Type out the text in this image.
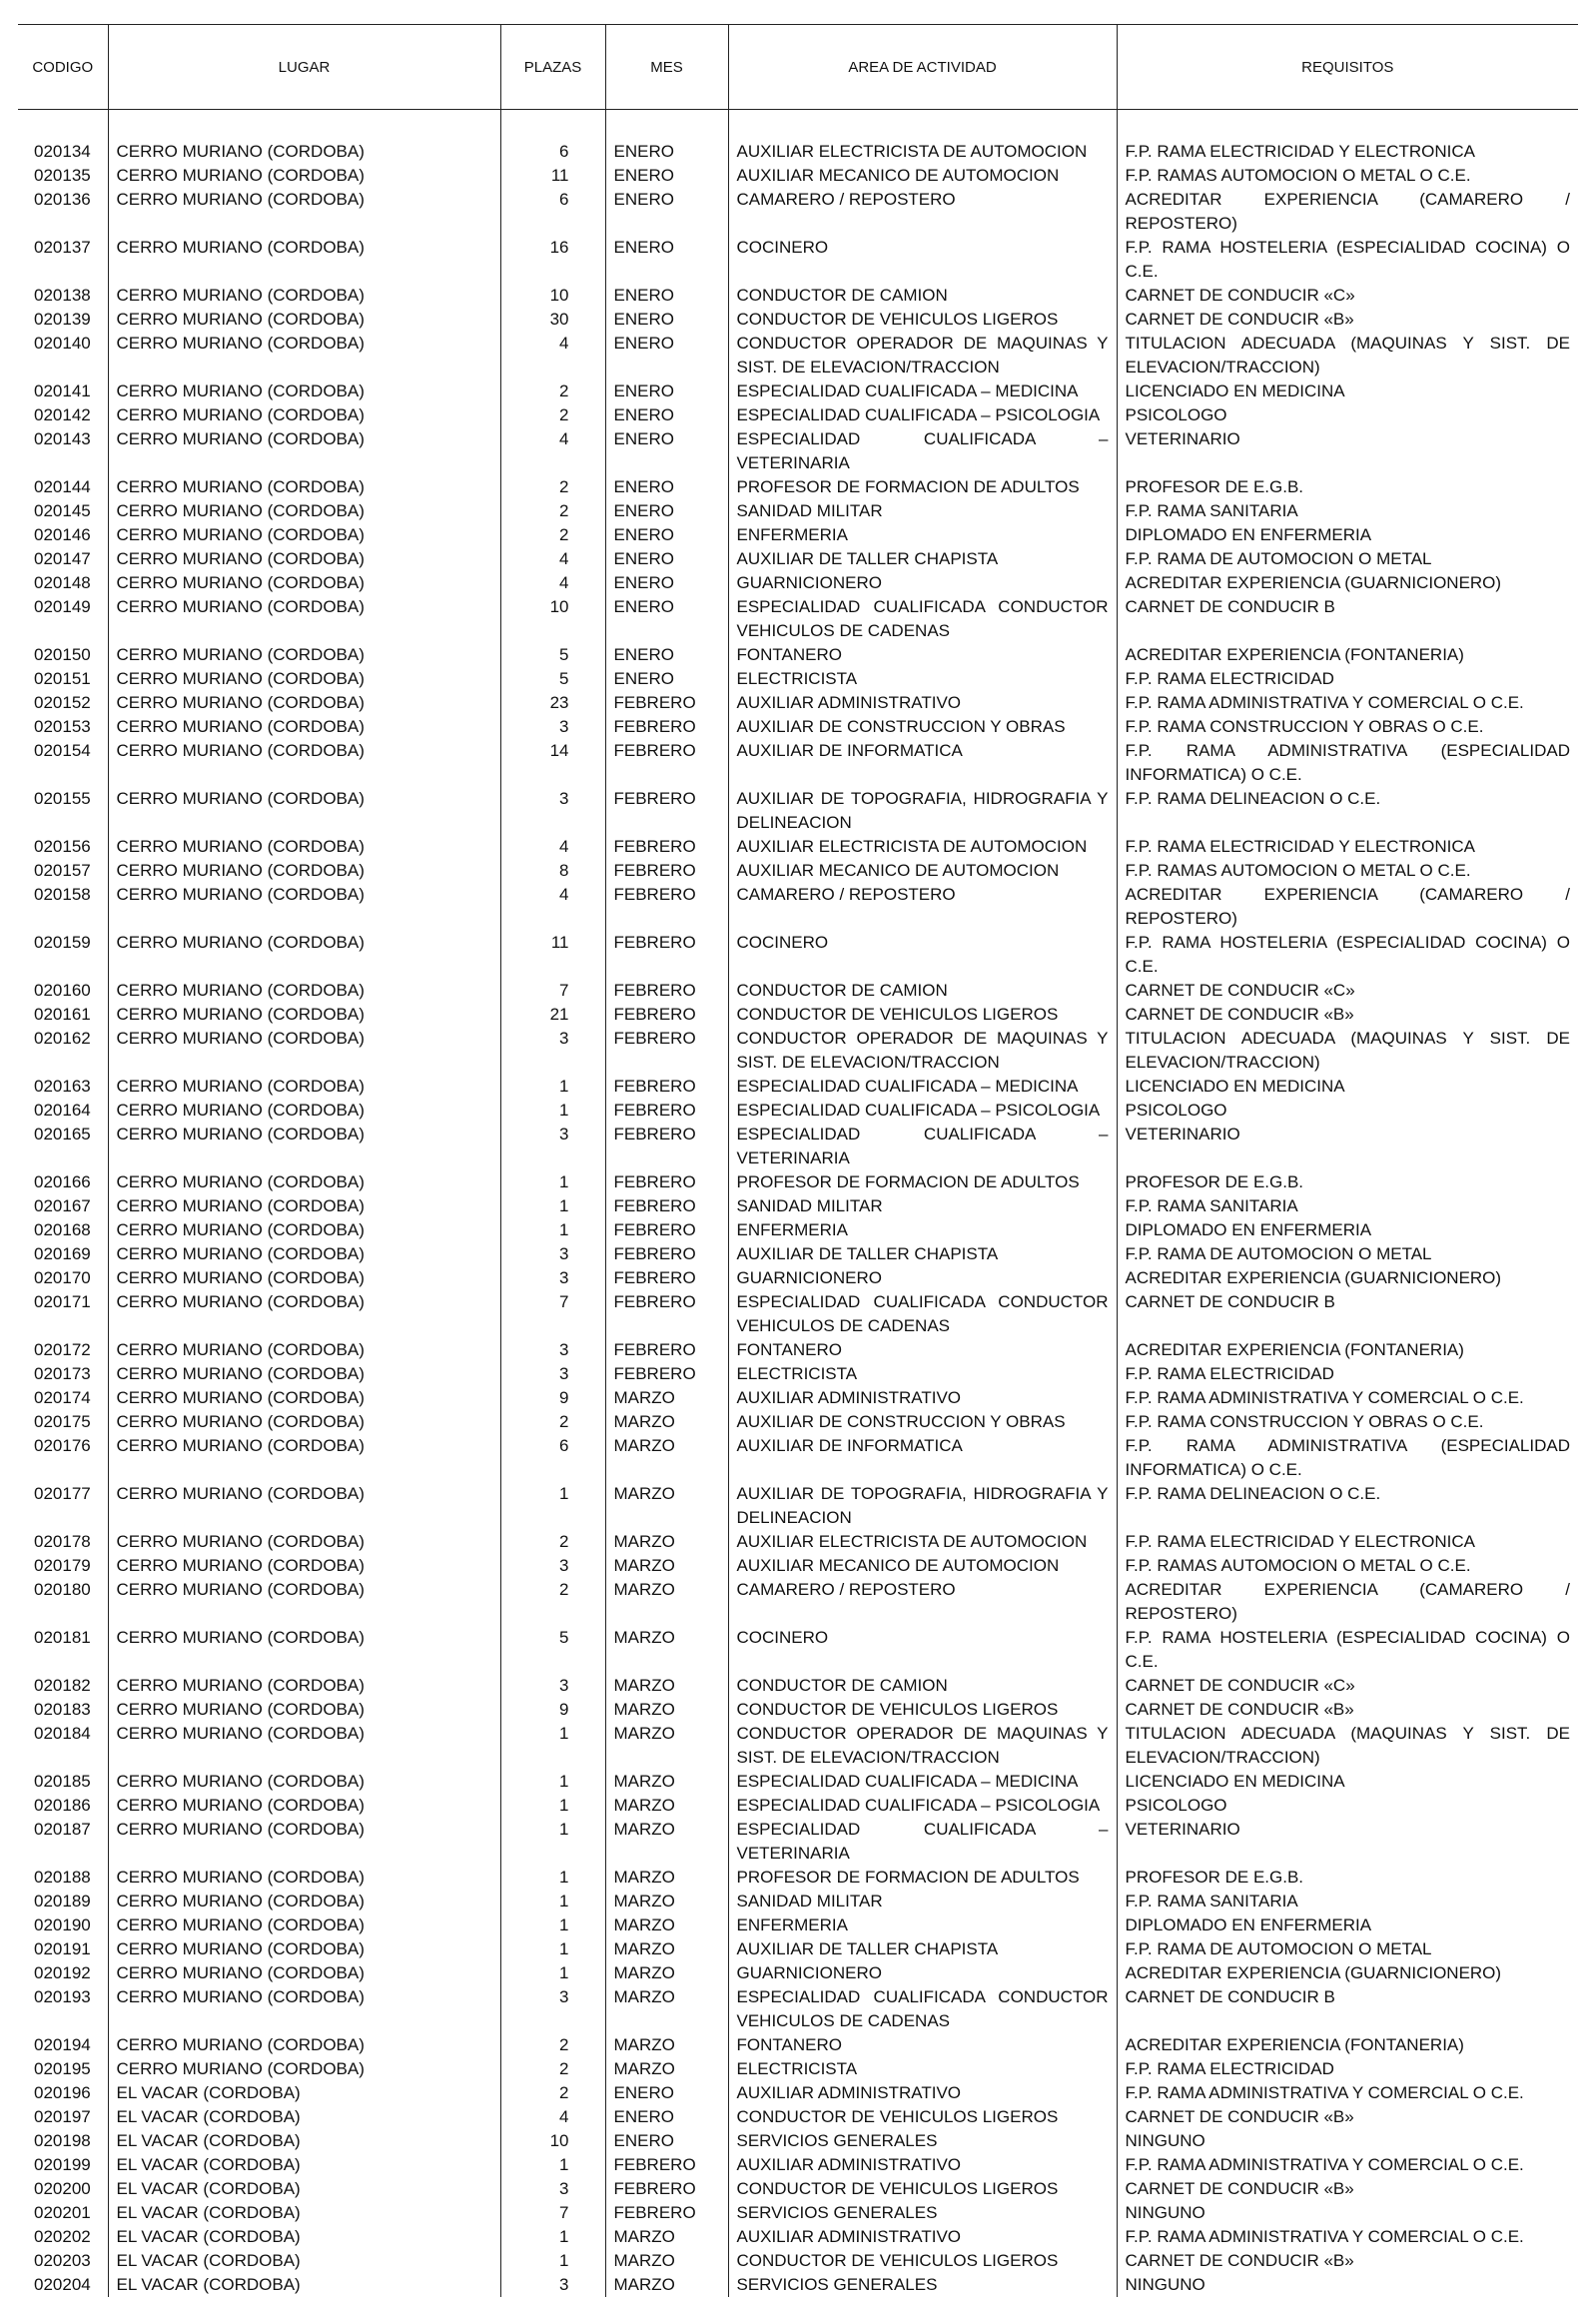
CODIGO	LUGAR	PLAZAS	MES	AREA DE ACTIVIDAD	REQUISITOS

020134	CERRO MURIANO (CORDOBA)	6	ENERO	AUXILIAR ELECTRICISTA DE AUTOMOCION	F.P. RAMA ELECTRICIDAD Y ELECTRONICA
020135	CERRO MURIANO (CORDOBA)	11	ENERO	AUXILIAR MECANICO DE AUTOMOCION	F.P. RAMAS AUTOMOCION O METAL O C.E.
020136	CERRO MURIANO (CORDOBA)	6	ENERO	CAMARERO / REPOSTERO	ACREDITAR EXPERIENCIA (CAMARERO / REPOSTERO)
020137	CERRO MURIANO (CORDOBA)	16	ENERO	COCINERO	F.P. RAMA HOSTELERIA (ESPECIALIDAD COCINA) O C.E.
020138	CERRO MURIANO (CORDOBA)	10	ENERO	CONDUCTOR DE CAMION	CARNET DE CONDUCIR «C»
020139	CERRO MURIANO (CORDOBA)	30	ENERO	CONDUCTOR DE VEHICULOS LIGEROS	CARNET DE CONDUCIR «B»
020140	CERRO MURIANO (CORDOBA)	4	ENERO	CONDUCTOR OPERADOR DE MAQUINAS Y SIST. DE ELEVACION/TRACCION	TITULACION ADECUADA (MAQUINAS Y SIST. DE ELEVACION/TRACCION)
020141	CERRO MURIANO (CORDOBA)	2	ENERO	ESPECIALIDAD CUALIFICADA – MEDICINA	LICENCIADO EN MEDICINA
020142	CERRO MURIANO (CORDOBA)	2	ENERO	ESPECIALIDAD CUALIFICADA – PSICOLOGIA	PSICOLOGO
020143	CERRO MURIANO (CORDOBA)	4	ENERO	ESPECIALIDAD CUALIFICADA – VETERINARIA	VETERINARIO
020144	CERRO MURIANO (CORDOBA)	2	ENERO	PROFESOR DE FORMACION DE ADULTOS	PROFESOR DE E.G.B.
020145	CERRO MURIANO (CORDOBA)	2	ENERO	SANIDAD MILITAR	F.P. RAMA SANITARIA
020146	CERRO MURIANO (CORDOBA)	2	ENERO	ENFERMERIA	DIPLOMADO EN ENFERMERIA
020147	CERRO MURIANO (CORDOBA)	4	ENERO	AUXILIAR DE TALLER CHAPISTA	F.P. RAMA DE AUTOMOCION O METAL
020148	CERRO MURIANO (CORDOBA)	4	ENERO	GUARNICIONERO	ACREDITAR EXPERIENCIA (GUARNICIONERO)
020149	CERRO MURIANO (CORDOBA)	10	ENERO	ESPECIALIDAD CUALIFICADA CONDUCTOR VEHICULOS DE CADENAS	CARNET DE CONDUCIR B
020150	CERRO MURIANO (CORDOBA)	5	ENERO	FONTANERO	ACREDITAR EXPERIENCIA (FONTANERIA)
020151	CERRO MURIANO (CORDOBA)	5	ENERO	ELECTRICISTA	F.P. RAMA ELECTRICIDAD
020152	CERRO MURIANO (CORDOBA)	23	FEBRERO	AUXILIAR ADMINISTRATIVO	F.P. RAMA ADMINISTRATIVA Y COMERCIAL O C.E.
020153	CERRO MURIANO (CORDOBA)	3	FEBRERO	AUXILIAR DE CONSTRUCCION Y OBRAS	F.P. RAMA CONSTRUCCION Y OBRAS O C.E.
020154	CERRO MURIANO (CORDOBA)	14	FEBRERO	AUXILIAR DE INFORMATICA	F.P. RAMA ADMINISTRATIVA (ESPECIALIDAD INFORMATICA) O C.E.
020155	CERRO MURIANO (CORDOBA)	3	FEBRERO	AUXILIAR DE TOPOGRAFIA, HIDROGRAFIA Y DELINEACION	F.P. RAMA DELINEACION O C.E.
020156	CERRO MURIANO (CORDOBA)	4	FEBRERO	AUXILIAR ELECTRICISTA DE AUTOMOCION	F.P. RAMA ELECTRICIDAD Y ELECTRONICA
020157	CERRO MURIANO (CORDOBA)	8	FEBRERO	AUXILIAR MECANICO DE AUTOMOCION	F.P. RAMAS AUTOMOCION O METAL O C.E.
020158	CERRO MURIANO (CORDOBA)	4	FEBRERO	CAMARERO / REPOSTERO	ACREDITAR EXPERIENCIA (CAMARERO / REPOSTERO)
020159	CERRO MURIANO (CORDOBA)	11	FEBRERO	COCINERO	F.P. RAMA HOSTELERIA (ESPECIALIDAD COCINA) O C.E.
020160	CERRO MURIANO (CORDOBA)	7	FEBRERO	CONDUCTOR DE CAMION	CARNET DE CONDUCIR «C»
020161	CERRO MURIANO (CORDOBA)	21	FEBRERO	CONDUCTOR DE VEHICULOS LIGEROS	CARNET DE CONDUCIR «B»
020162	CERRO MURIANO (CORDOBA)	3	FEBRERO	CONDUCTOR OPERADOR DE MAQUINAS Y SIST. DE ELEVACION/TRACCION	TITULACION ADECUADA (MAQUINAS Y SIST. DE ELEVACION/TRACCION)
020163	CERRO MURIANO (CORDOBA)	1	FEBRERO	ESPECIALIDAD CUALIFICADA – MEDICINA	LICENCIADO EN MEDICINA
020164	CERRO MURIANO (CORDOBA)	1	FEBRERO	ESPECIALIDAD CUALIFICADA – PSICOLOGIA	PSICOLOGO
020165	CERRO MURIANO (CORDOBA)	3	FEBRERO	ESPECIALIDAD CUALIFICADA – VETERINARIA	VETERINARIO
020166	CERRO MURIANO (CORDOBA)	1	FEBRERO	PROFESOR DE FORMACION DE ADULTOS	PROFESOR DE E.G.B.
020167	CERRO MURIANO (CORDOBA)	1	FEBRERO	SANIDAD MILITAR	F.P. RAMA SANITARIA
020168	CERRO MURIANO (CORDOBA)	1	FEBRERO	ENFERMERIA	DIPLOMADO EN ENFERMERIA
020169	CERRO MURIANO (CORDOBA)	3	FEBRERO	AUXILIAR DE TALLER CHAPISTA	F.P. RAMA DE AUTOMOCION O METAL
020170	CERRO MURIANO (CORDOBA)	3	FEBRERO	GUARNICIONERO	ACREDITAR EXPERIENCIA (GUARNICIONERO)
020171	CERRO MURIANO (CORDOBA)	7	FEBRERO	ESPECIALIDAD CUALIFICADA CONDUCTOR VEHICULOS DE CADENAS	CARNET DE CONDUCIR B
020172	CERRO MURIANO (CORDOBA)	3	FEBRERO	FONTANERO	ACREDITAR EXPERIENCIA (FONTANERIA)
020173	CERRO MURIANO (CORDOBA)	3	FEBRERO	ELECTRICISTA	F.P. RAMA ELECTRICIDAD
020174	CERRO MURIANO (CORDOBA)	9	MARZO	AUXILIAR ADMINISTRATIVO	F.P. RAMA ADMINISTRATIVA Y COMERCIAL O C.E.
020175	CERRO MURIANO (CORDOBA)	2	MARZO	AUXILIAR DE CONSTRUCCION Y OBRAS	F.P. RAMA CONSTRUCCION Y OBRAS O C.E.
020176	CERRO MURIANO (CORDOBA)	6	MARZO	AUXILIAR DE INFORMATICA	F.P. RAMA ADMINISTRATIVA (ESPECIALIDAD INFORMATICA) O C.E.
020177	CERRO MURIANO (CORDOBA)	1	MARZO	AUXILIAR DE TOPOGRAFIA, HIDROGRAFIA Y DELINEACION	F.P. RAMA DELINEACION O C.E.
020178	CERRO MURIANO (CORDOBA)	2	MARZO	AUXILIAR ELECTRICISTA DE AUTOMOCION	F.P. RAMA ELECTRICIDAD Y ELECTRONICA
020179	CERRO MURIANO (CORDOBA)	3	MARZO	AUXILIAR MECANICO DE AUTOMOCION	F.P. RAMAS AUTOMOCION O METAL O C.E.
020180	CERRO MURIANO (CORDOBA)	2	MARZO	CAMARERO / REPOSTERO	ACREDITAR EXPERIENCIA (CAMARERO / REPOSTERO)
020181	CERRO MURIANO (CORDOBA)	5	MARZO	COCINERO	F.P. RAMA HOSTELERIA (ESPECIALIDAD COCINA) O C.E.
020182	CERRO MURIANO (CORDOBA)	3	MARZO	CONDUCTOR DE CAMION	CARNET DE CONDUCIR «C»
020183	CERRO MURIANO (CORDOBA)	9	MARZO	CONDUCTOR DE VEHICULOS LIGEROS	CARNET DE CONDUCIR «B»
020184	CERRO MURIANO (CORDOBA)	1	MARZO	CONDUCTOR OPERADOR DE MAQUINAS Y SIST. DE ELEVACION/TRACCION	TITULACION ADECUADA (MAQUINAS Y SIST. DE ELEVACION/TRACCION)
020185	CERRO MURIANO (CORDOBA)	1	MARZO	ESPECIALIDAD CUALIFICADA – MEDICINA	LICENCIADO EN MEDICINA
020186	CERRO MURIANO (CORDOBA)	1	MARZO	ESPECIALIDAD CUALIFICADA – PSICOLOGIA	PSICOLOGO
020187	CERRO MURIANO (CORDOBA)	1	MARZO	ESPECIALIDAD CUALIFICADA – VETERINARIA	VETERINARIO
020188	CERRO MURIANO (CORDOBA)	1	MARZO	PROFESOR DE FORMACION DE ADULTOS	PROFESOR DE E.G.B.
020189	CERRO MURIANO (CORDOBA)	1	MARZO	SANIDAD MILITAR	F.P. RAMA SANITARIA
020190	CERRO MURIANO (CORDOBA)	1	MARZO	ENFERMERIA	DIPLOMADO EN ENFERMERIA
020191	CERRO MURIANO (CORDOBA)	1	MARZO	AUXILIAR DE TALLER CHAPISTA	F.P. RAMA DE AUTOMOCION O METAL
020192	CERRO MURIANO (CORDOBA)	1	MARZO	GUARNICIONERO	ACREDITAR EXPERIENCIA (GUARNICIONERO)
020193	CERRO MURIANO (CORDOBA)	3	MARZO	ESPECIALIDAD CUALIFICADA CONDUCTOR VEHICULOS DE CADENAS	CARNET DE CONDUCIR B
020194	CERRO MURIANO (CORDOBA)	2	MARZO	FONTANERO	ACREDITAR EXPERIENCIA (FONTANERIA)
020195	CERRO MURIANO (CORDOBA)	2	MARZO	ELECTRICISTA	F.P. RAMA ELECTRICIDAD
020196	EL VACAR (CORDOBA)	2	ENERO	AUXILIAR ADMINISTRATIVO	F.P. RAMA ADMINISTRATIVA Y COMERCIAL O C.E.
020197	EL VACAR (CORDOBA)	4	ENERO	CONDUCTOR DE VEHICULOS LIGEROS	CARNET DE CONDUCIR «B»
020198	EL VACAR (CORDOBA)	10	ENERO	SERVICIOS GENERALES	NINGUNO
020199	EL VACAR (CORDOBA)	1	FEBRERO	AUXILIAR ADMINISTRATIVO	F.P. RAMA ADMINISTRATIVA Y COMERCIAL O C.E.
020200	EL VACAR (CORDOBA)	3	FEBRERO	CONDUCTOR DE VEHICULOS LIGEROS	CARNET DE CONDUCIR «B»
020201	EL VACAR (CORDOBA)	7	FEBRERO	SERVICIOS GENERALES	NINGUNO
020202	EL VACAR (CORDOBA)	1	MARZO	AUXILIAR ADMINISTRATIVO	F.P. RAMA ADMINISTRATIVA Y COMERCIAL O C.E.
020203	EL VACAR (CORDOBA)	1	MARZO	CONDUCTOR DE VEHICULOS LIGEROS	CARNET DE CONDUCIR «B»
020204	EL VACAR (CORDOBA)	3	MARZO	SERVICIOS GENERALES	NINGUNO
